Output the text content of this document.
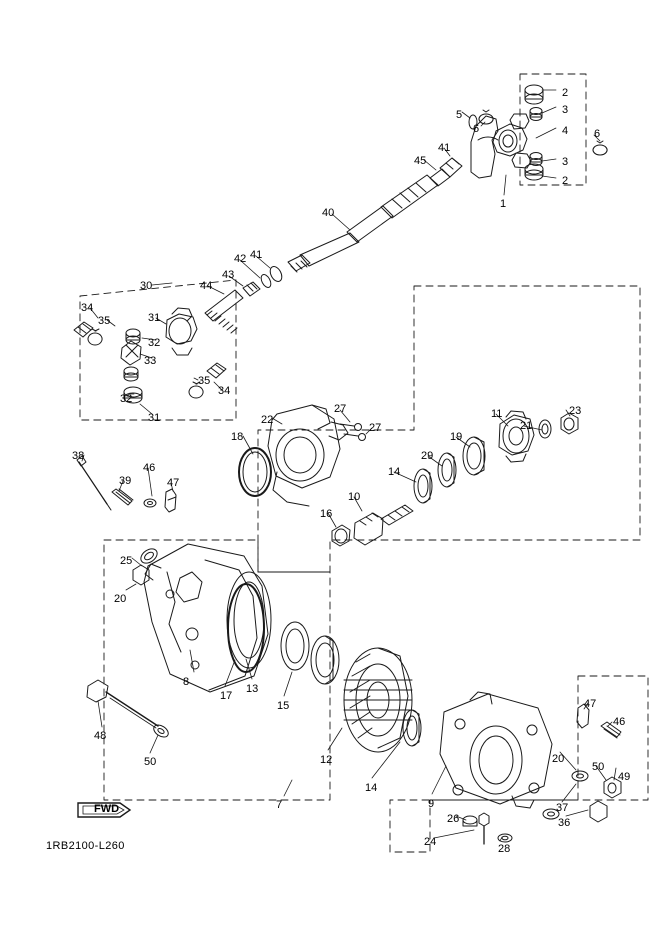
FWD
1RB2100-L260
2
3
5
6	4 6
3
41
45
2
1
40
41
42
43
30	44
34
31
35
32
33
35
32
34
31	22
27
27
23
21
11
19
18
29
14
38
46
39	47
10
16
25
20
8
17
13
15
12
14
9
47
46
20
50
49
37
36
26
24
28
48
50
7
